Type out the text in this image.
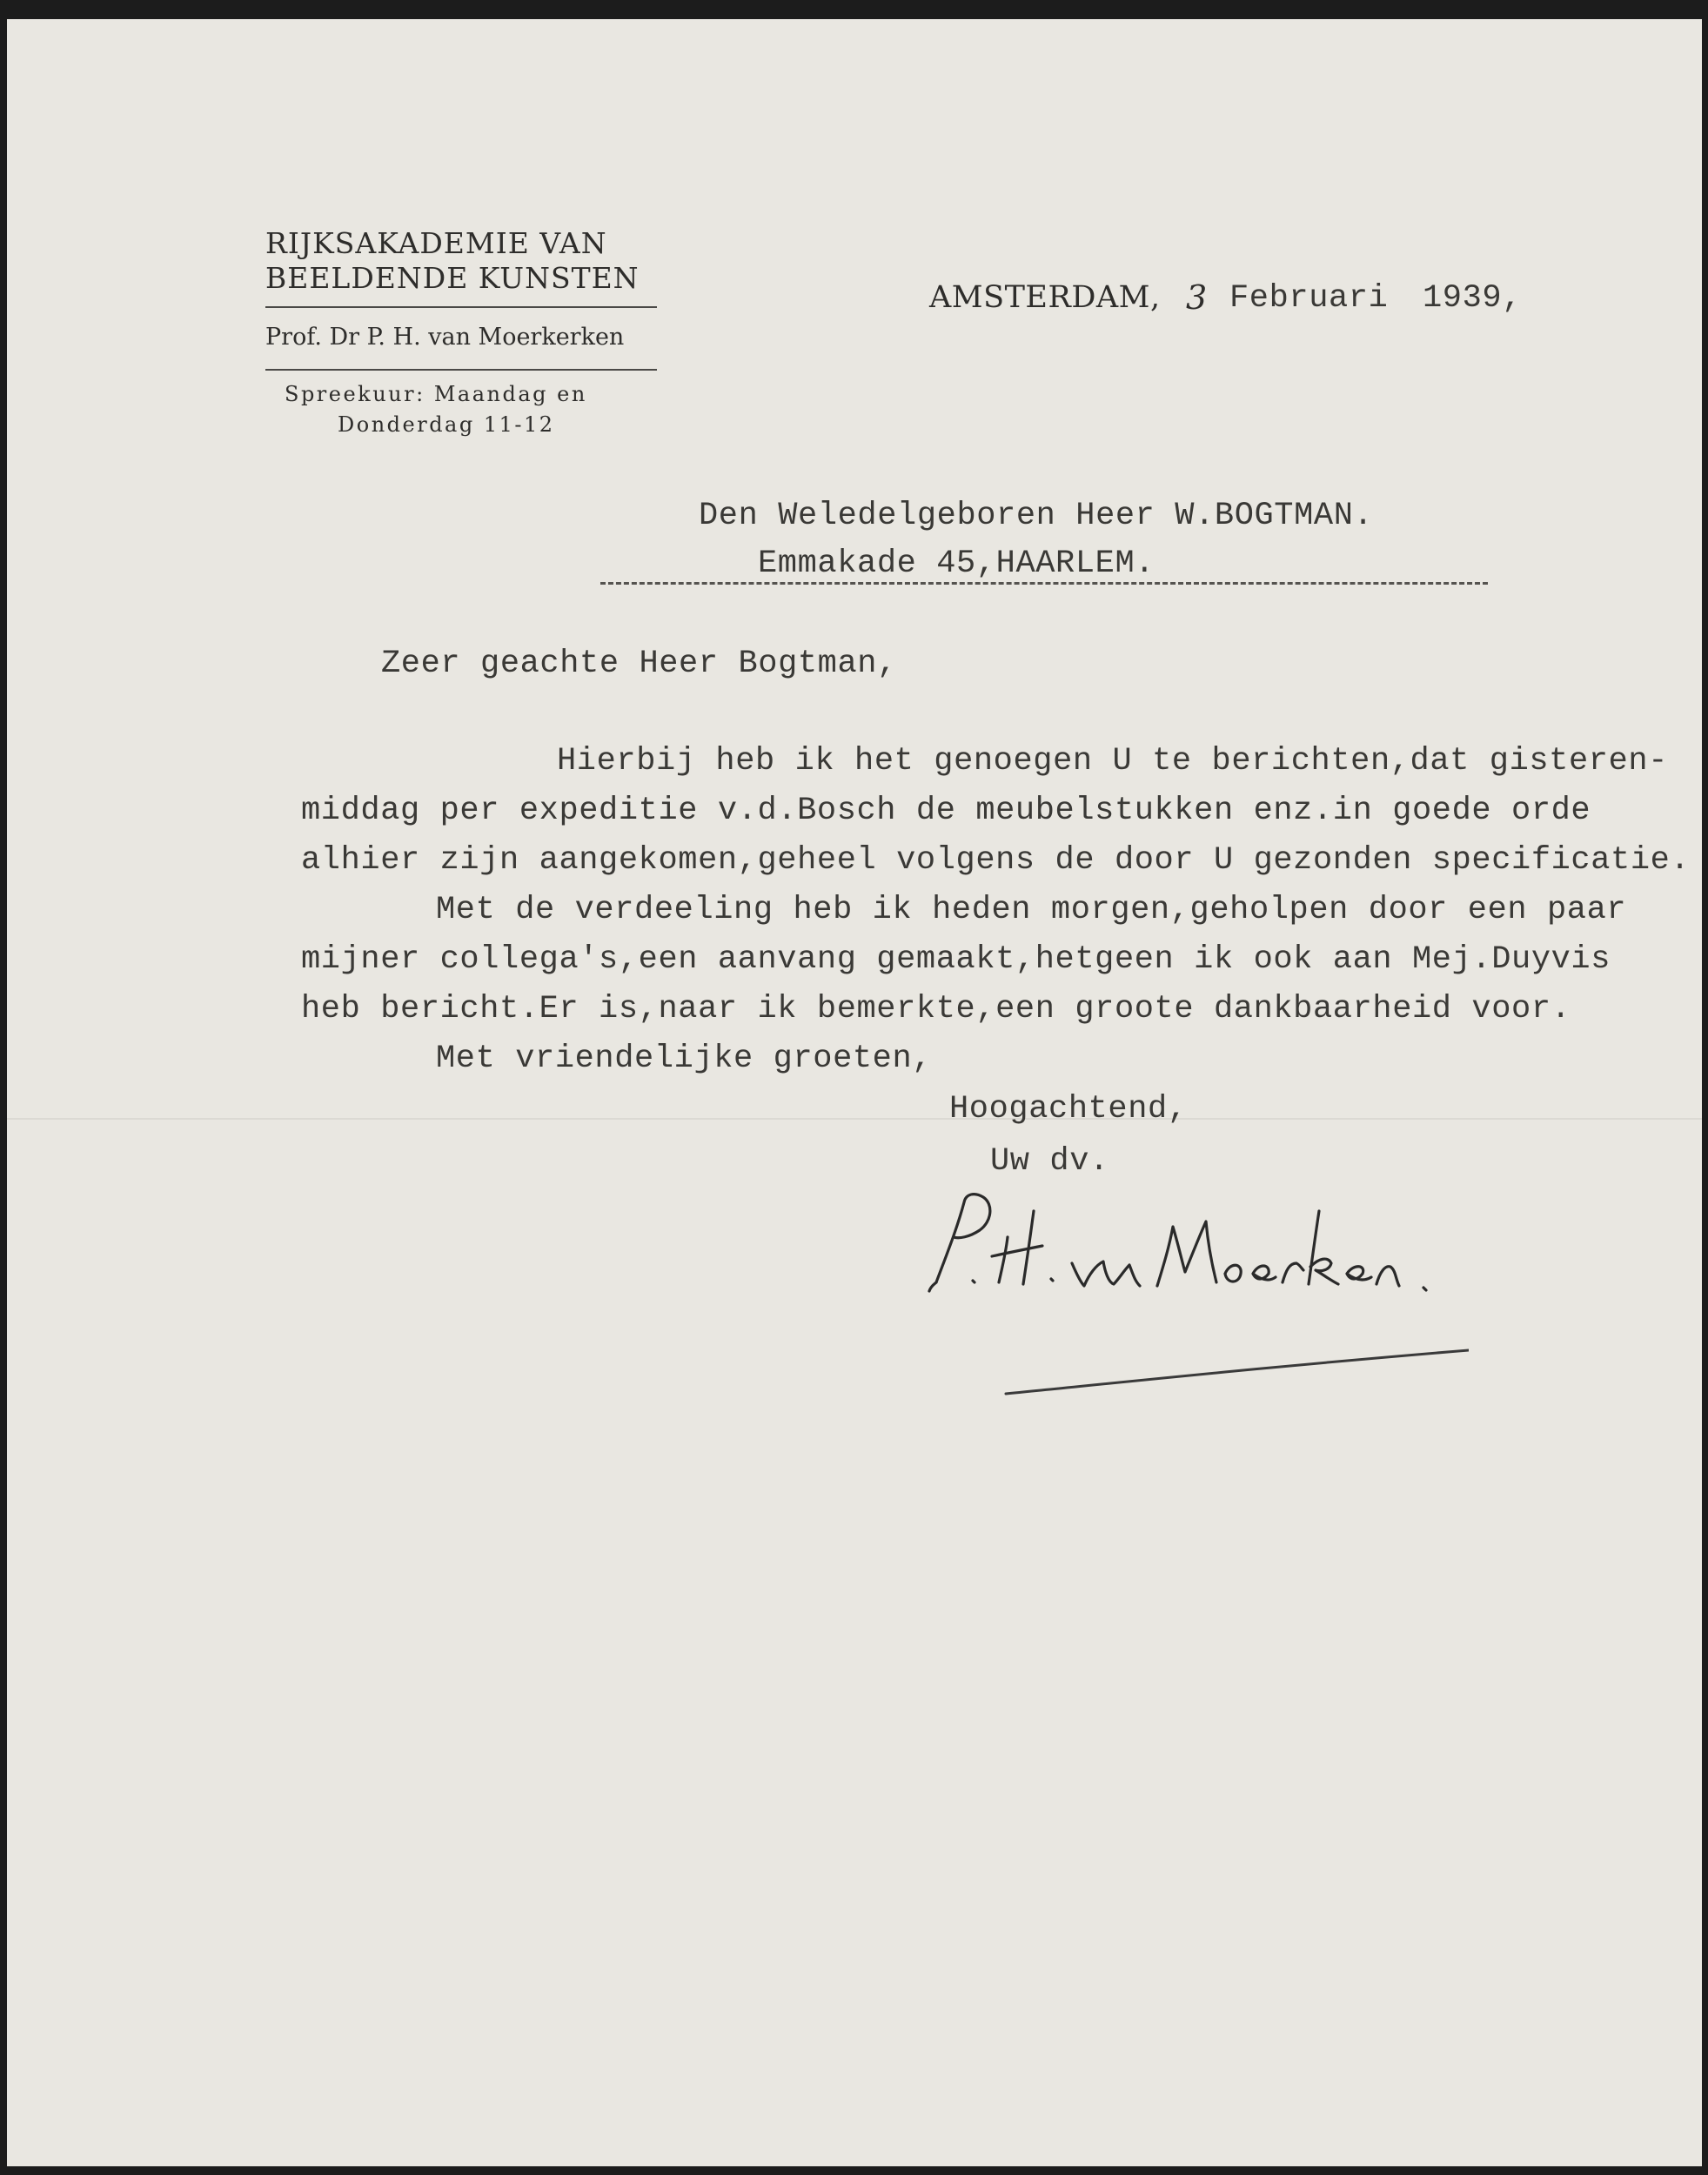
RIJKSAKADEMIE VAN
BEELDENDE KUNSTEN
Prof. Dr P. H. van Moerkerken
Spreekuur: Maandag en
Donderdag 11-12
AMSTERDAM, 3 Februari 1939,
Den Weledelgeboren Heer W.BOGTMAN.
Emmakade 45,HAARLEM.
Zeer geachte Heer Bogtman,
Hierbij heb ik het genoegen U te berichten,dat gisteren-
middag per expeditie v.d.Bosch de meubelstukken enz.in goede orde
alhier zijn aangekomen,geheel volgens de door U gezonden specificatie.
Met de verdeeling heb ik heden morgen,geholpen door een paar
mijner collega's,een aanvang gemaakt,hetgeen ik ook aan Mej.Duyvis
heb bericht.Er is,naar ik bemerkte,een groote dankbaarheid voor.
Met vriendelijke groeten,
Hoogachtend,
Uw dv.
